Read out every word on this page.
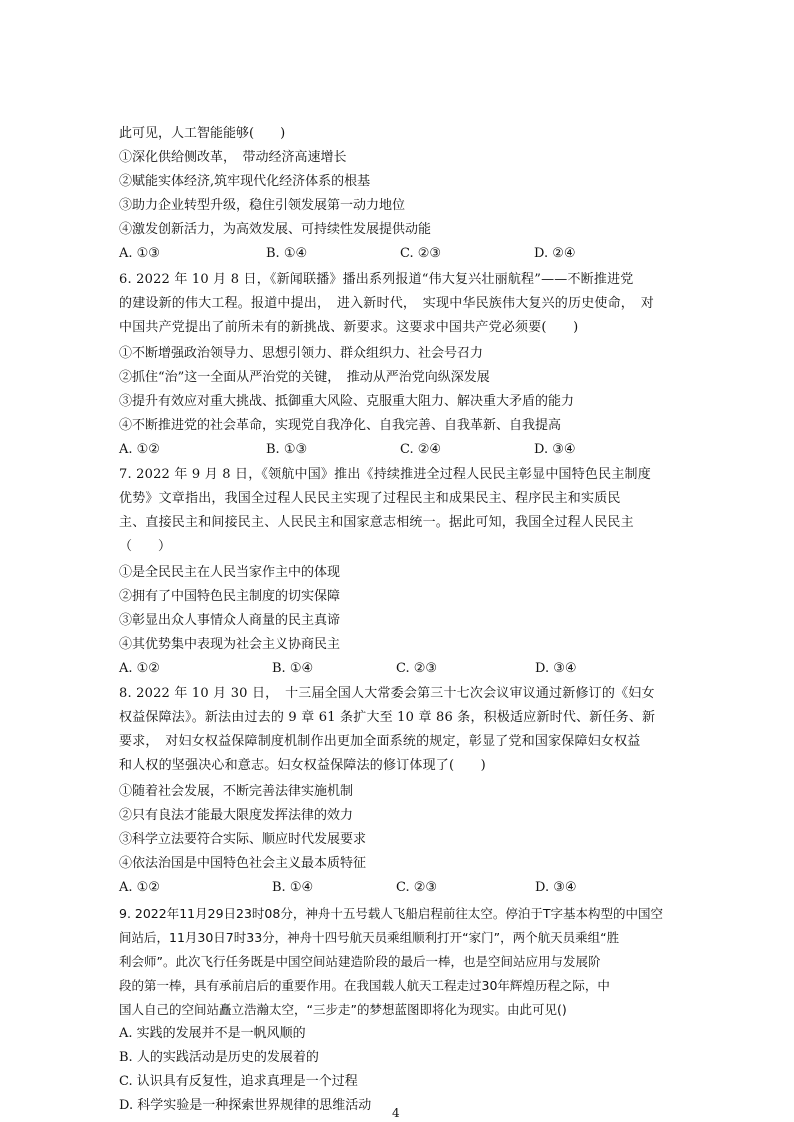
此可见，人工智能能够(　　)
①深化供给侧改革，　带动经济高速增长
②赋能实体经济,筑牢现代化经济体系的根基
③助力企业转型升级，稳住引领发展第一动力地位
④激发创新活力，为高效发展、可持续性发展提供动能
A. ①③	B. ①④	C. ②③	D. ②④
6. 2022 年 10 月 8 日，《新闻联播》播出系列报道“伟大复兴壮丽航程”——不断推进党
的建设新的伟大工程。报道中提出，　进入新时代，　实现中华民族伟大复兴的历史使命，　对
中国共产党提出了前所未有的新挑战、新要求。这要求中国共产党必须要(　　)
①不断增强政治领导力、思想引领力、群众组织力、社会号召力
②抓住“治”这一全面从严治党的关键，　推动从严治党向纵深发展
③提升有效应对重大挑战、抵御重大风险、克服重大阻力、解决重大矛盾的能力
④不断推进党的社会革命，实现党自我净化、自我完善、自我革新、自我提高
A. ①②	B. ①③	C. ②④	D. ③④
7. 2022 年 9 月 8 日，《领航中国》推出《持续推进全过程人民民主彰显中国特色民主制度
优势》文章指出，我国全过程人民民主实现了过程民主和成果民主、程序民主和实质民
主、直接民主和间接民主、人民民主和国家意志相统一。据此可知，我国全过程人民民主
（　　）
①是全民民主在人民当家作主中的体现
②拥有了中国特色民主制度的切实保障
③彰显出众人事情众人商量的民主真谛
④其优势集中表现为社会主义协商民主
A. ①②	B. ①④	C. ②③	D. ③④
8. 2022 年 10 月 30 日，　十三届全国人大常委会第三十七次会议审议通过新修订的《妇女
权益保障法》。新法由过去的 9 章 61 条扩大至 10 章 86 条，积极适应新时代、新任务、新
要求，　对妇女权益保障制度机制作出更加全面系统的规定，彰显了党和国家保障妇女权益
和人权的坚强决心和意志。妇女权益保障法的修订体现了(　　)
①随着社会发展，不断完善法律实施机制
②只有良法才能最大限度发挥法律的效力
③科学立法要符合实际、顺应时代发展要求
④依法治国是中国特色社会主义最本质特征
A. ①②	B. ①④	C. ②③	D. ③④
9. 2022年11月29日23时08分，神舟十五号载人飞船启程前往太空。停泊于T字基本构型的中国空
间站后，11月30日7时33分，神舟十四号航天员乘组顺利打开“家门”，两个航天员乘组“胜
利会师”。此次飞行任务既是中国空间站建造阶段的最后一棒，也是空间站应用与发展阶
段的第一棒，具有承前启后的重要作用。在我国载人航天工程走过30年辉煌历程之际，中
国人自己的空间站矗立浩瀚太空，“三步走”的梦想蓝图即将化为现实。由此可见()
A. 实践的发展并不是一帆风顺的
B. 人的实践活动是历史的发展着的
C. 认识具有反复性，追求真理是一个过程
D. 科学实验是一种探索世界规律的思维活动 4
